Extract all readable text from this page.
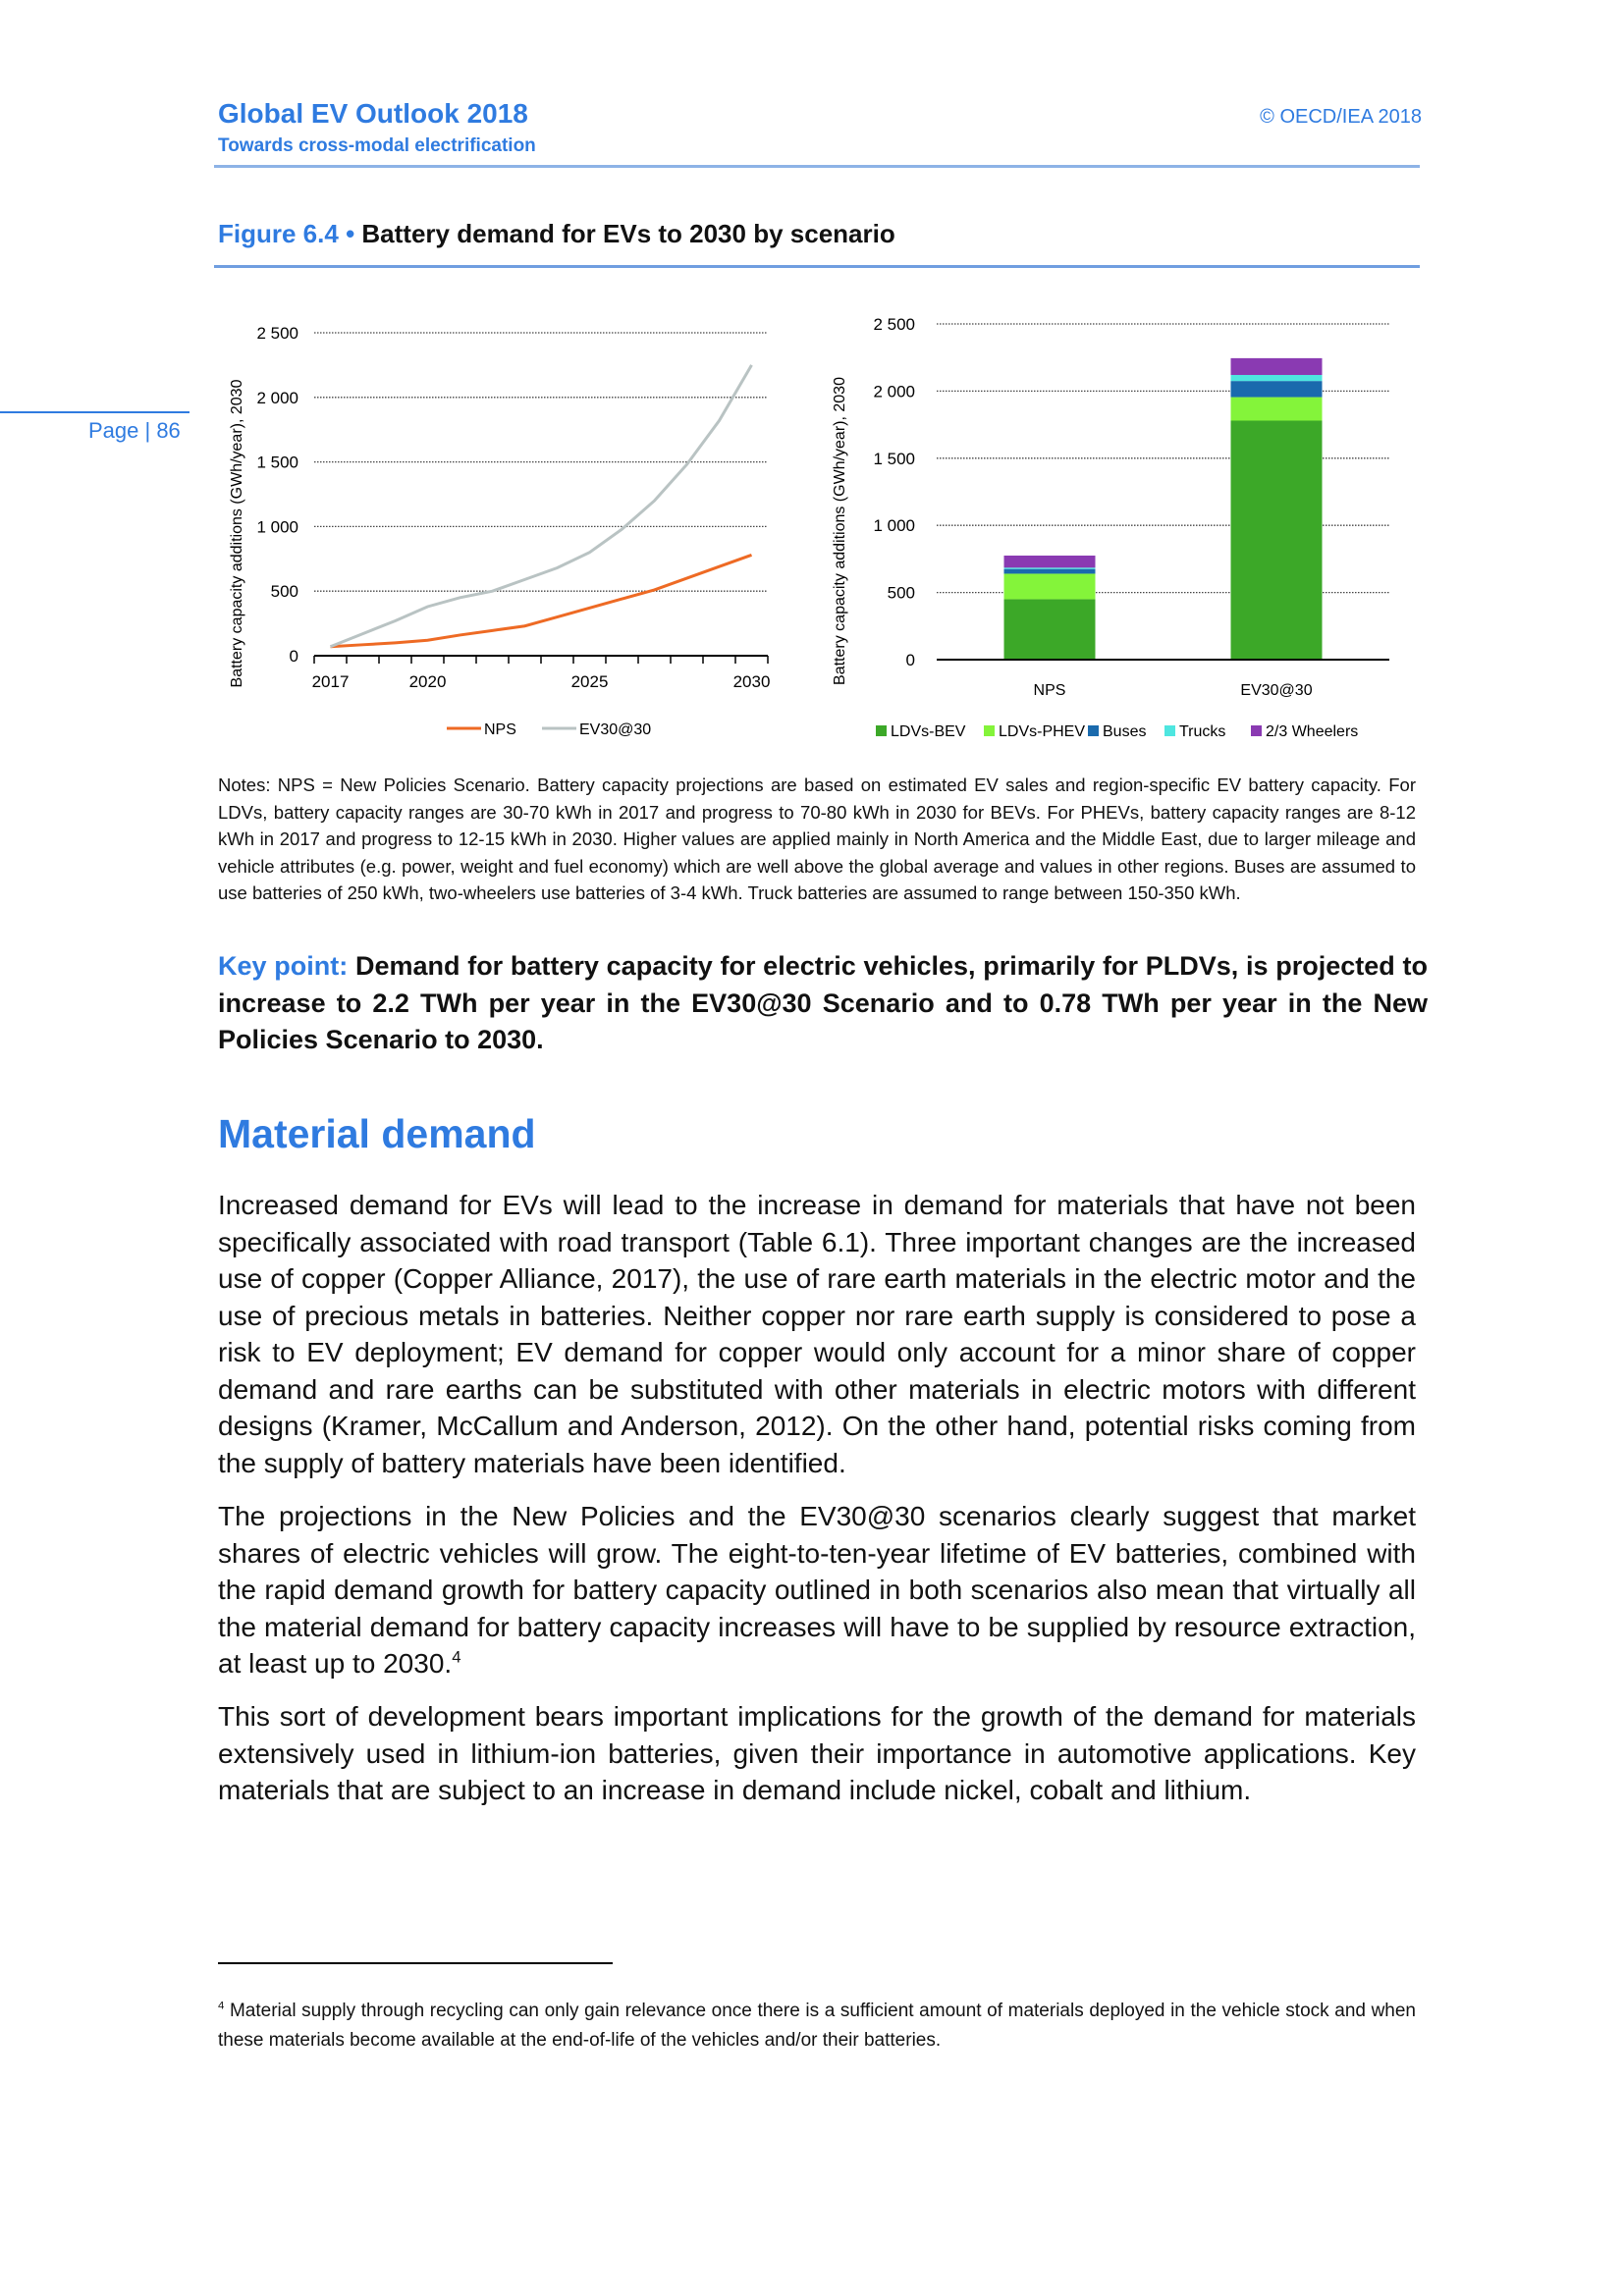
Global EV Outlook 2018
Towards cross-modal electrification
© OECD/IEA 2018
Page | 86
Figure 6.4 • Battery demand for EVs to 2030 by scenario
0
500
1 000
1 500
2 000
2 500
2017	2020	2025	2030
Battery capacity additions (GWh/year), 2030
NPS	EV30@30
0
500
1 000
1 500
2 000
2 500
Battery capacity additions (GWh/year), 2030
NPS	EV30@30
LDVs-BEV LDVs-PHEV Buses Trucks	2/3 Wheelers
Notes: NPS = New Policies Scenario. Battery capacity projections are based on estimated EV sales and region-specific EV battery capacity. For LDVs, battery capacity ranges are 30-70 kWh in 2017 and progress to 70-80 kWh in 2030 for BEVs. For PHEVs, battery capacity ranges are 8-12 kWh in 2017 and progress to 12-15 kWh in 2030. Higher values are applied mainly in North America and the Middle East, due to larger mileage and vehicle attributes (e.g. power, weight and fuel economy) which are well above the global average and values in other regions. Buses are assumed to use batteries of 250 kWh, two-wheelers use batteries of 3-4 kWh. Truck batteries are assumed to range between 150-350 kWh.
Key point: Demand for battery capacity for electric vehicles, primarily for PLDVs, is projected to increase to 2.2 TWh per year in the EV30@30 Scenario and to 0.78 TWh per year in the New Policies Scenario to 2030.
Material demand
Increased demand for EVs will lead to the increase in demand for materials that have not been specifically associated with road transport (Table 6.1). Three important changes are the increased use of copper (Copper Alliance, 2017), the use of rare earth materials in the electric motor and the use of precious metals in batteries. Neither copper nor rare earth supply is considered to pose a risk to EV deployment; EV demand for copper would only account for a minor share of copper demand and rare earths can be substituted with other materials in electric motors with different designs (Kramer, McCallum and Anderson, 2012). On the other hand, potential risks coming from the supply of battery materials have been identified.
The projections in the New Policies and the EV30@30 scenarios clearly suggest that market shares of electric vehicles will grow. The eight-to-ten-year lifetime of EV batteries, combined with the rapid demand growth for battery capacity outlined in both scenarios also mean that virtually all the material demand for battery capacity increases will have to be supplied by resource extraction, at least up to 2030.$^4$
This sort of development bears important implications for the growth of the demand for materials extensively used in lithium-ion batteries, given their importance in automotive applications. Key materials that are subject to an increase in demand include nickel, cobalt and lithium.
$^4$ Material supply through recycling can only gain relevance once there is a sufficient amount of materials deployed in the vehicle stock and when these materials become available at the end-of-life of the vehicles and/or their batteries.
